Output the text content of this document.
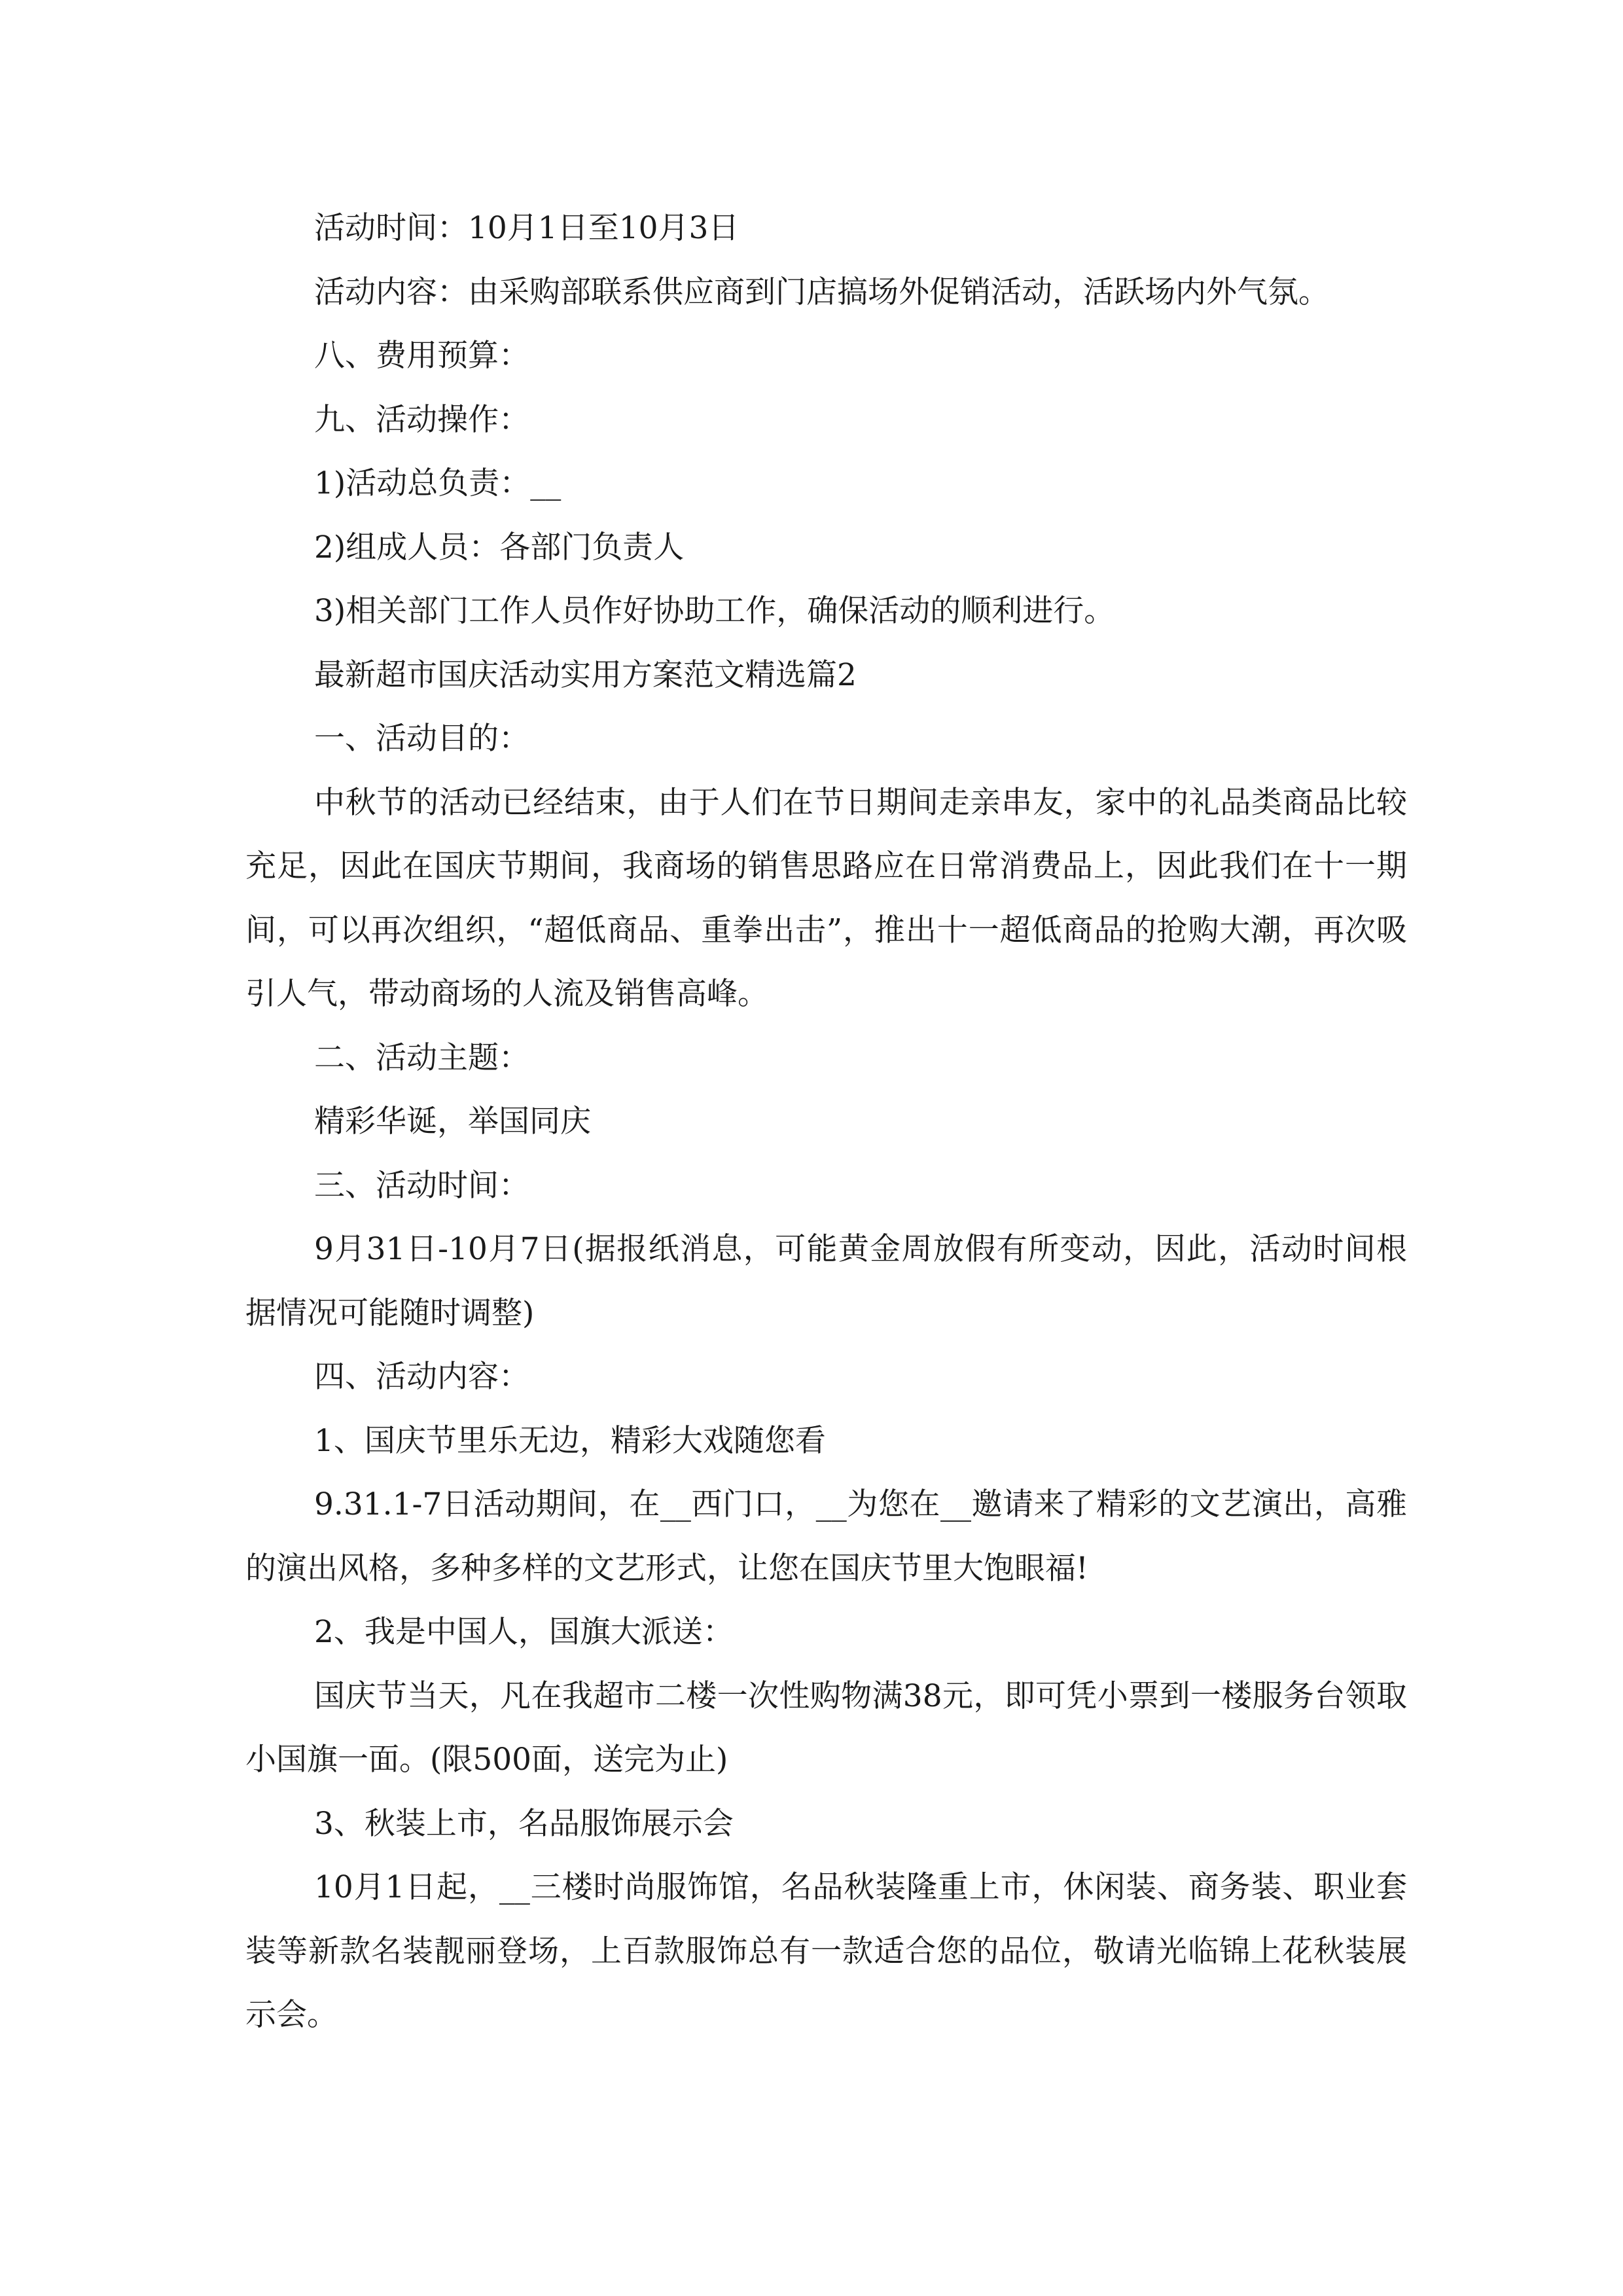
活动时间：10月1日至10月3日

活动内容：由采购部联系供应商到门店搞场外促销活动，活跃场内外气氛。

八、费用预算：

九、活动操作：

1)活动总负责：__

2)组成人员：各部门负责人

3)相关部门工作人员作好协助工作，确保活动的顺利进行。

最新超市国庆活动实用方案范文精选篇2

一、活动目的：

中秋节的活动已经结束，由于人们在节日期间走亲串友，家中的礼品类商品比较充足，因此在国庆节期间，我商场的销售思路应在日常消费品上，因此我们在十一期间，可以再次组织，“超低商品、重拳出击”，推出十一超低商品的抢购大潮，再次吸引人气，带动商场的人流及销售高峰。

二、活动主题：

精彩华诞，举国同庆

三、活动时间：

9月31日-10月7日(据报纸消息，可能黄金周放假有所变动，因此，活动时间根据情况可能随时调整)

四、活动内容：

1、国庆节里乐无边，精彩大戏随您看

9.31.1-7日活动期间，在__西门口，__为您在__邀请来了精彩的文艺演出，高雅的演出风格，多种多样的文艺形式，让您在国庆节里大饱眼福!

2、我是中国人，国旗大派送：

国庆节当天，凡在我超市二楼一次性购物满38元，即可凭小票到一楼服务台领取小国旗一面。(限500面，送完为止)

3、秋装上市，名品服饰展示会

10月1日起，__三楼时尚服饰馆，名品秋装隆重上市，休闲装、商务装、职业套装等新款名装靓丽登场，上百款服饰总有一款适合您的品位，敬请光临锦上花秋装展示会。
